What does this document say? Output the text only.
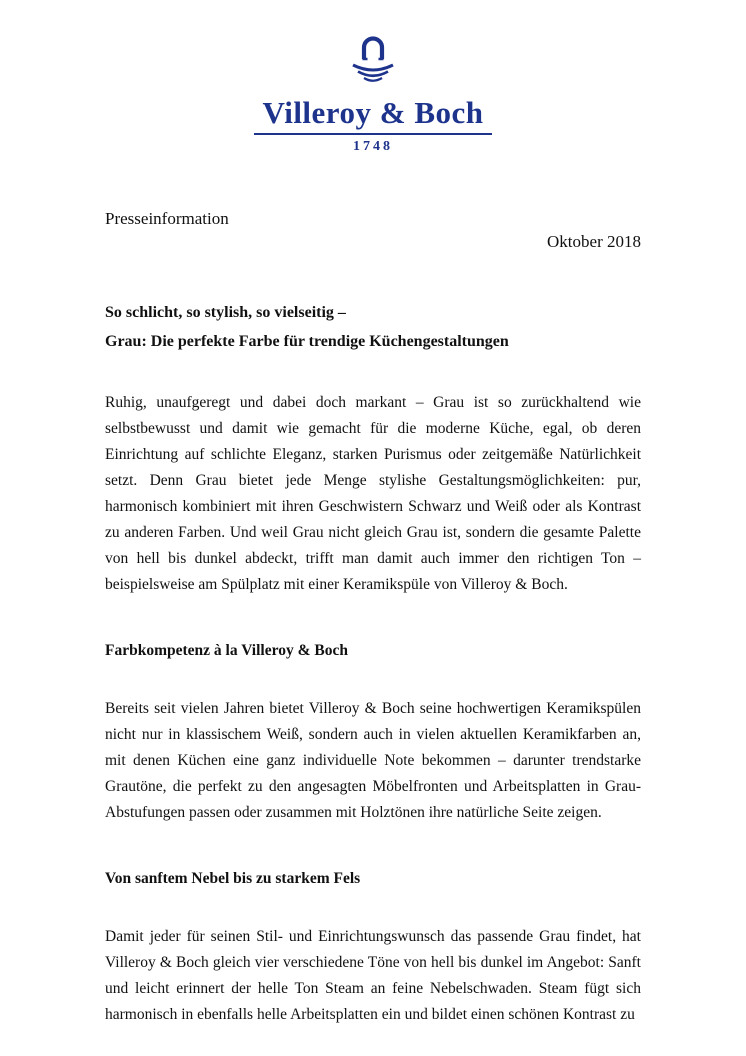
Villeroy & Boch
1748
Presseinformation
Oktober 2018
So schlicht, so stylish, so vielseitig –
Grau: Die perfekte Farbe für trendige Küchengestaltungen

Ruhig, unaufgeregt und dabei doch markant – Grau ist so zurückhaltend wie selbstbewusst und damit wie gemacht für die moderne Küche, egal, ob deren Einrichtung auf schlichte Eleganz, starken Purismus oder zeitgemäße Natürlichkeit setzt. Denn Grau bietet jede Menge stylishe Gestaltungsmöglichkeiten: pur, harmonisch kombiniert mit ihren Geschwistern Schwarz und Weiß oder als Kontrast zu anderen Farben. Und weil Grau nicht gleich Grau ist, sondern die gesamte Palette von hell bis dunkel abdeckt, trifft man damit auch immer den richtigen Ton – beispielsweise am Spülplatz mit einer Keramikspüle von Villeroy & Boch.

Farbkompetenz à la Villeroy & Boch

Bereits seit vielen Jahren bietet Villeroy & Boch seine hochwertigen Keramikspülen nicht nur in klassischem Weiß, sondern auch in vielen aktuellen Keramikfarben an, mit denen Küchen eine ganz individuelle Note bekommen – darunter trendstarke Grautöne, die perfekt zu den angesagten Möbelfronten und Arbeitsplatten in Grau-Abstufungen passen oder zusammen mit Holztönen ihre natürliche Seite zeigen.

Von sanftem Nebel bis zu starkem Fels

Damit jeder für seinen Stil- und Einrichtungswunsch das passende Grau findet, hat Villeroy & Boch gleich vier verschiedene Töne von hell bis dunkel im Angebot: Sanft und leicht erinnert der helle Ton Steam an feine Nebelschwaden. Steam fügt sich harmonisch in ebenfalls helle Arbeitsplatten ein und bildet einen schönen Kontrast zu
